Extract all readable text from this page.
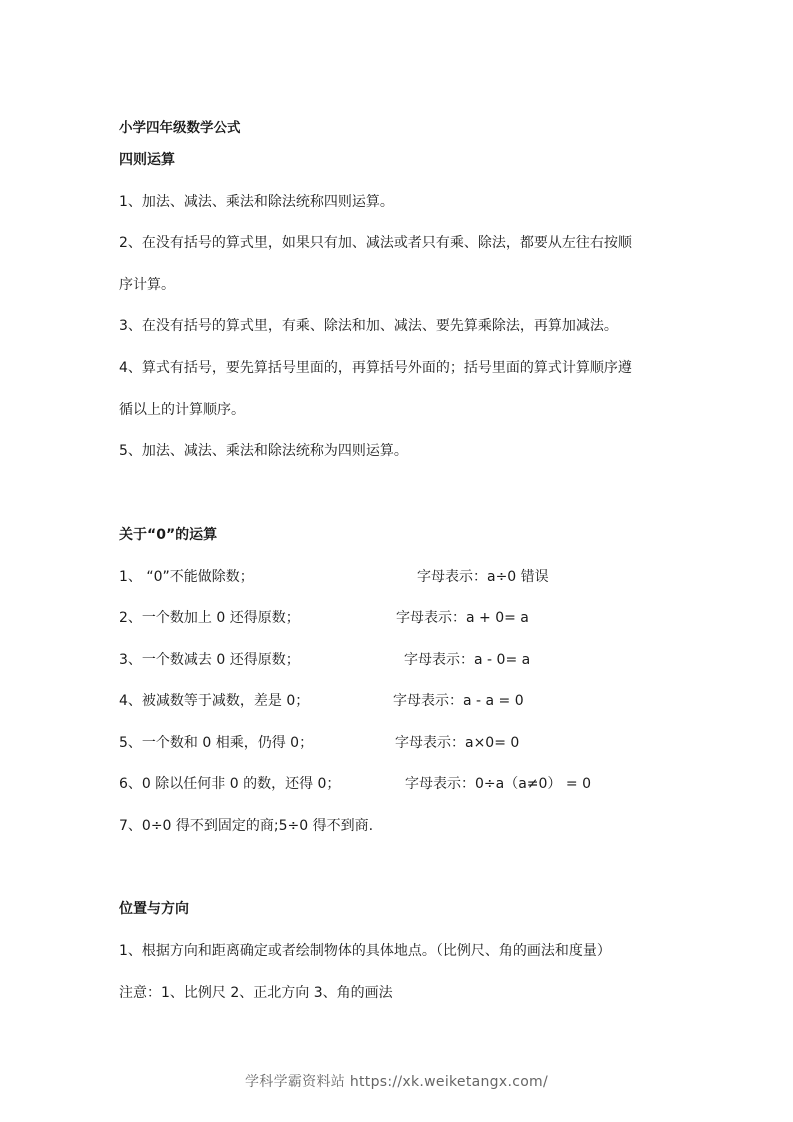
小学四年级数学公式
四则运算
1、加法、减法、乘法和除法统称四则运算。
2、在没有括号的算式里，如果只有加、减法或者只有乘、除法，都要从左往右按顺
序计算。
3、在没有括号的算式里，有乘、除法和加、减法、要先算乘除法，再算加减法。
4、算式有括号，要先算括号里面的，再算括号外面的；括号里面的算式计算顺序遵
循以上的计算顺序。
5、加法、减法、乘法和除法统称为四则运算。
关于“0”的运算
1、 “0”不能做除数；	字母表示：a÷0 错误
2、一个数加上 0 还得原数；	字母表示：a + 0= a
3、一个数减去 0 还得原数；	字母表示：a - 0= a
4、被减数等于减数，差是 0；	字母表示：a - a = 0
5、一个数和 0 相乘，仍得 0；	字母表示：a×0= 0
6、0 除以任何非 0 的数，还得 0；	字母表示：0÷a（a≠0） = 0
7、0÷0 得不到固定的商;5÷0 得不到商.
位置与方向
1、根据方向和距离确定或者绘制物体的具体地点。（比例尺、角的画法和度量）
注意：1、比例尺 2、正北方向 3、角的画法
学科学霸资料站 https://xk.weiketangx.com/
